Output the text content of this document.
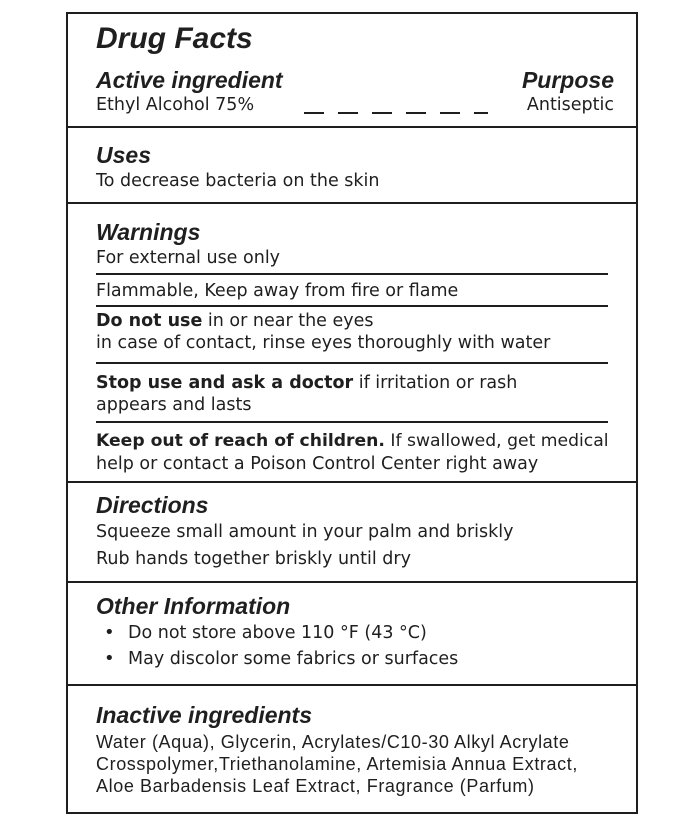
Drug Facts
Active ingredient	Purpose
Ethyl Alcohol 75%	Antiseptic
Uses
To decrease bacteria on the skin
Warnings
For external use only
Flammable, Keep away from fire or flame
Do not use in or near the eyes
in case of contact, rinse eyes thoroughly with water
Stop use and ask a doctor if irritation or rash
appears and lasts
Keep out of reach of children. If swallowed, get medical
help or contact a Poison Control Center right away
Directions
Squeeze small amount in your palm and briskly
Rub hands together briskly until dry
Other Information
• Do not store above 110 °F (43 °C)
• May discolor some fabrics or surfaces
Inactive ingredients
Water (Aqua), Glycerin, Acrylates/C10-30 Alkyl Acrylate
Crosspolymer,Triethanolamine, Artemisia Annua Extract,
Aloe Barbadensis Leaf Extract, Fragrance (Parfum)
